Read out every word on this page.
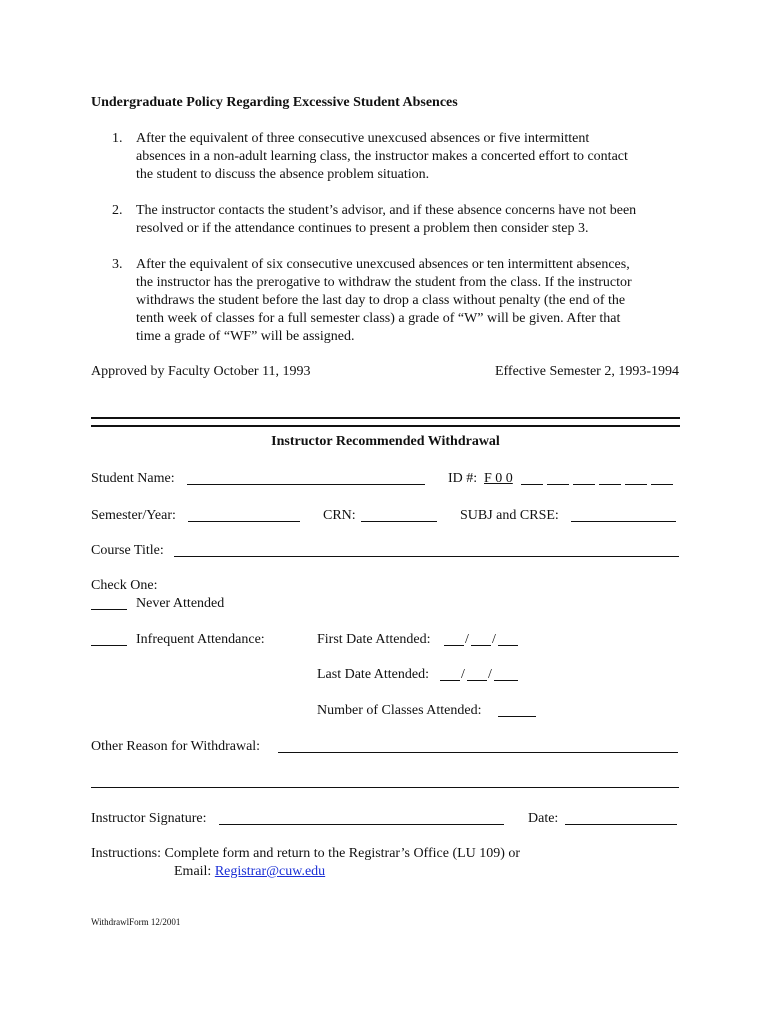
Undergraduate Policy Regarding Excessive Student Absences
1. After the equivalent of three consecutive unexcused absences or five intermittent
absences in a non-adult learning class, the instructor makes a concerted effort to contact
the student to discuss the absence problem situation.
2. The instructor contacts the student’s advisor, and if these absence concerns have not been
resolved or if the attendance continues to present a problem then consider step 3.
3. After the equivalent of six consecutive unexcused absences or ten intermittent absences,
the instructor has the prerogative to withdraw the student from the class. If the instructor
withdraws the student before the last day to drop a class without penalty (the end of the
tenth week of classes for a full semester class) a grade of “W” will be given. After that
time a grade of “WF” will be assigned.
Approved by Faculty October 11, 1993	Effective Semester 2, 1993-1994
Instructor Recommended Withdrawal
Student Name:	ID #: F 0 0
Semester/Year:	CRN:	SUBJ and CRSE:
Course Title:
Check One:
Never Attended
Infrequent Attendance:	First Date Attended: / /
Last Date Attended: / /
Number of Classes Attended:
Other Reason for Withdrawal:
Instructor Signature:	Date:
Instructions: Complete form and return to the Registrar’s Office (LU 109) or
Email: Registrar@cuw.edu
WithdrawlForm 12/2001
